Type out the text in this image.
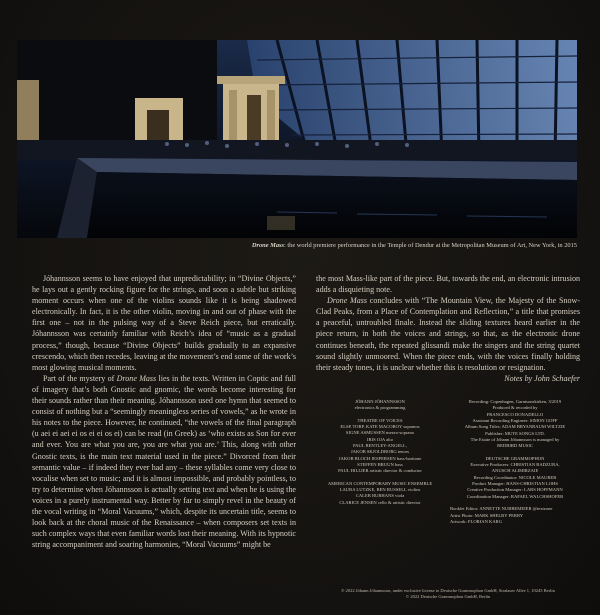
Drone Mass: the world premiere performance in the Temple of Dendur at the Metropolitan Museum of Art, New York, in 2015

Jóhannsson seems to have enjoyed that unpredictability; in “Divine Objects,” he lays out a gently rocking figure for the strings, and soon a subtle but striking moment occurs when one of the violins sounds like it is being shadowed electronically. In fact, it is the other violin, moving in and out of phase with the first one – not in the pulsing way of a Steve Reich piece, but erratically. Jóhannsson was certainly familiar with Reich’s idea of “music as a gradual process,” though, because “Divine Objects” builds gradually to an expansive crescendo, which then recedes, leaving at the movement’s end some of the work’s most glowing musical moments.

Part of the mystery of Drone Mass lies in the texts. Written in Coptic and full of imagery that’s both Gnostic and gnomic, the words become interesting for their sounds rather than their meaning. Jóhannsson used one hymn that seemed to consist of nothing but a “seemingly meaningless series of vowels,” as he wrote in his notes to the piece. However, he continued, “the vowels of the final paragraph (u aei ei aei ei os ei ei os ei) can be read (in Greek) as ‘who exists as Son for ever and ever. You are what you are, you are what you are.’ This, along with other Gnostic texts, is the main text material used in the piece.” Divorced from their semantic value – if indeed they ever had any – these syllables come very close to vocalise when set to music; and it is almost impossible, and probably pointless, to try to determine when Jóhannsson is actually setting text and when he is using the voices in a purely instrumental way. Better by far to simply revel in the beauty of the vocal writing in “Moral Vacuums,” which, despite its uncertain title, seems to look back at the choral music of the Renaissance – when composers set texts in such complex ways that even familiar words lost their meaning. With its hypnotic string accompaniment and soaring harmonies, “Moral Vacuums” might be

the most Mass-like part of the piece. But, towards the end, an electronic intrusion adds a disquieting note.

Drone Mass concludes with “The Mountain View, the Majesty of the Snow-Clad Peaks, from a Place of Contemplation and Reflection,” a title that promises a peaceful, untroubled finale. Instead the sliding textures heard earlier in the piece return, in both the voices and strings, so that, as the electronic drone continues beneath, the repeated glissandi make the singers and the string quartet sound slightly unmoored. When the piece ends, with the voices finally holding their steady tones, it is unclear whether this is resolution or resignation.

Notes by John Schaefer
JÓHANN JÓHANNSSON
electronics & programming
THEATRE OF VOICES
ELSE TORP, KATE MACOBOY sopranos
SIGNE ASMUSSEN mezzo-soprano
IRIS OJA alto
PAUL BENTLEY-ANGELL,
JAKOB SKJOLDBORG tenors
JAKOB BLOCH JESPERSEN bass-baritone
STEFFEN BRUUN bass
PAUL HILLIER artistic director & conductor
AMERICAN CONTEMPORARY MUSIC ENSEMBLE
LAURA LUTZKE, BEN RUSSELL violins
CALEB BURHANS viola
CLARICE JENSEN cello & artistic director
Recording: Copenhagen, Garnisonskirken, 3/2019
Produced & recorded by
FRANCESCO DONADELLO
Assistant Recording Engineer: SIMON GOFF
Album Song Titles: ADAM BRYANBAUM WILTZIE
Publisher: MUTE SONGS LTD.
The Estate of Jóhann Jóhannsson is managed by
REDBIRD MUSIC
DEUTSCHE GRAMMOPHON
Executive Producers: CHRISTIAN BADZURA,
ANUSCH ALIMIRZAIE
Recording Coordinator: NICOLE MAURER
Product Manager: HANS-CHRISTIAN LOHS
Creative Production Manager: LARS HOFFMANN
Coordination Manager: RAFAEL WALCHSHOFER
Booklet Editor: ANNETTE NUBBEMEIER @textzone
Artist Photo: MARK SHELBY PERRY
Artwork: FLORIAN KARG
℗ 2022 Jóhann Jóhannsson, under exclusive license to Deutsche Grammophon GmbH, Stralauer Allee 1, 10245 Berlin
© 2022 Deutsche Grammophon GmbH, Berlin
